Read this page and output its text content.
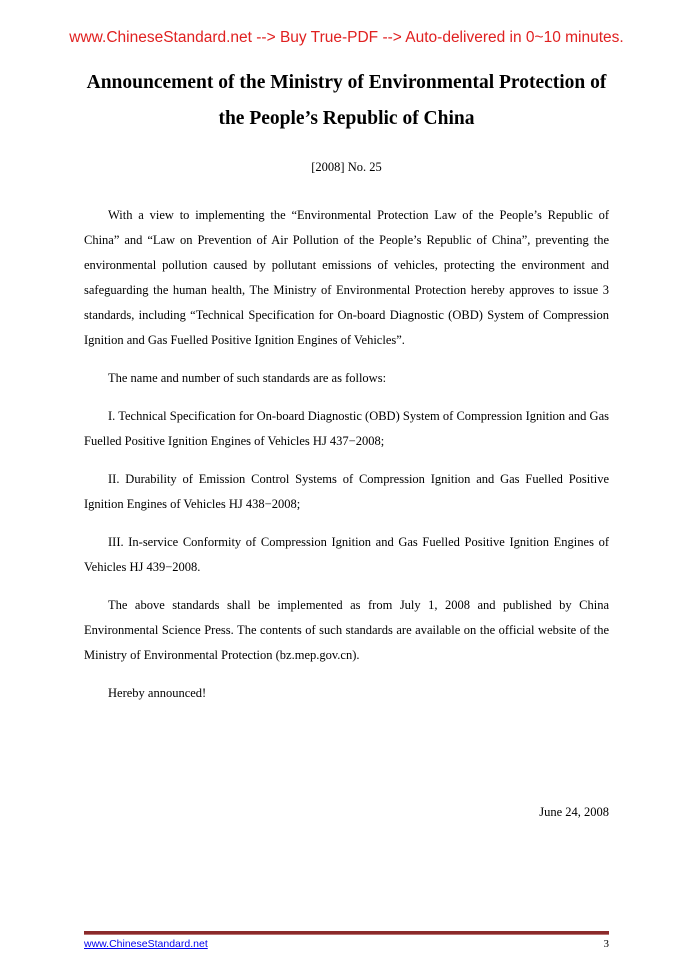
www.ChineseStandard.net --> Buy True-PDF --> Auto-delivered in 0~10 minutes.
Announcement of the Ministry of Environmental Protection of
the People’s Republic of China
[2008] No. 25

With a view to implementing the “Environmental Protection Law of the People’s Republic of China” and “Law on Prevention of Air Pollution of the People’s Republic of China”, preventing the environmental pollution caused by pollutant emissions of vehicles, protecting the environment and safeguarding the human health, The Ministry of Environmental Protection hereby approves to issue 3 standards, including “Technical Specification for On-board Diagnostic (OBD) System of Compression Ignition and Gas Fuelled Positive Ignition Engines of Vehicles”.

The name and number of such standards are as follows:

I. Technical Specification for On-board Diagnostic (OBD) System of Compression Ignition and Gas Fuelled Positive Ignition Engines of Vehicles HJ 437−2008;

II. Durability of Emission Control Systems of Compression Ignition and Gas Fuelled Positive Ignition Engines of Vehicles HJ 438−2008;

III. In-service Conformity of Compression Ignition and Gas Fuelled Positive Ignition Engines of Vehicles HJ 439−2008.

The above standards shall be implemented as from July 1, 2008 and published by China Environmental Science Press. The contents of such standards are available on the official website of the Ministry of Environmental Protection (bz.mep.gov.cn).

Hereby announced!

June 24, 2008
www.ChineseStandard.net	3
